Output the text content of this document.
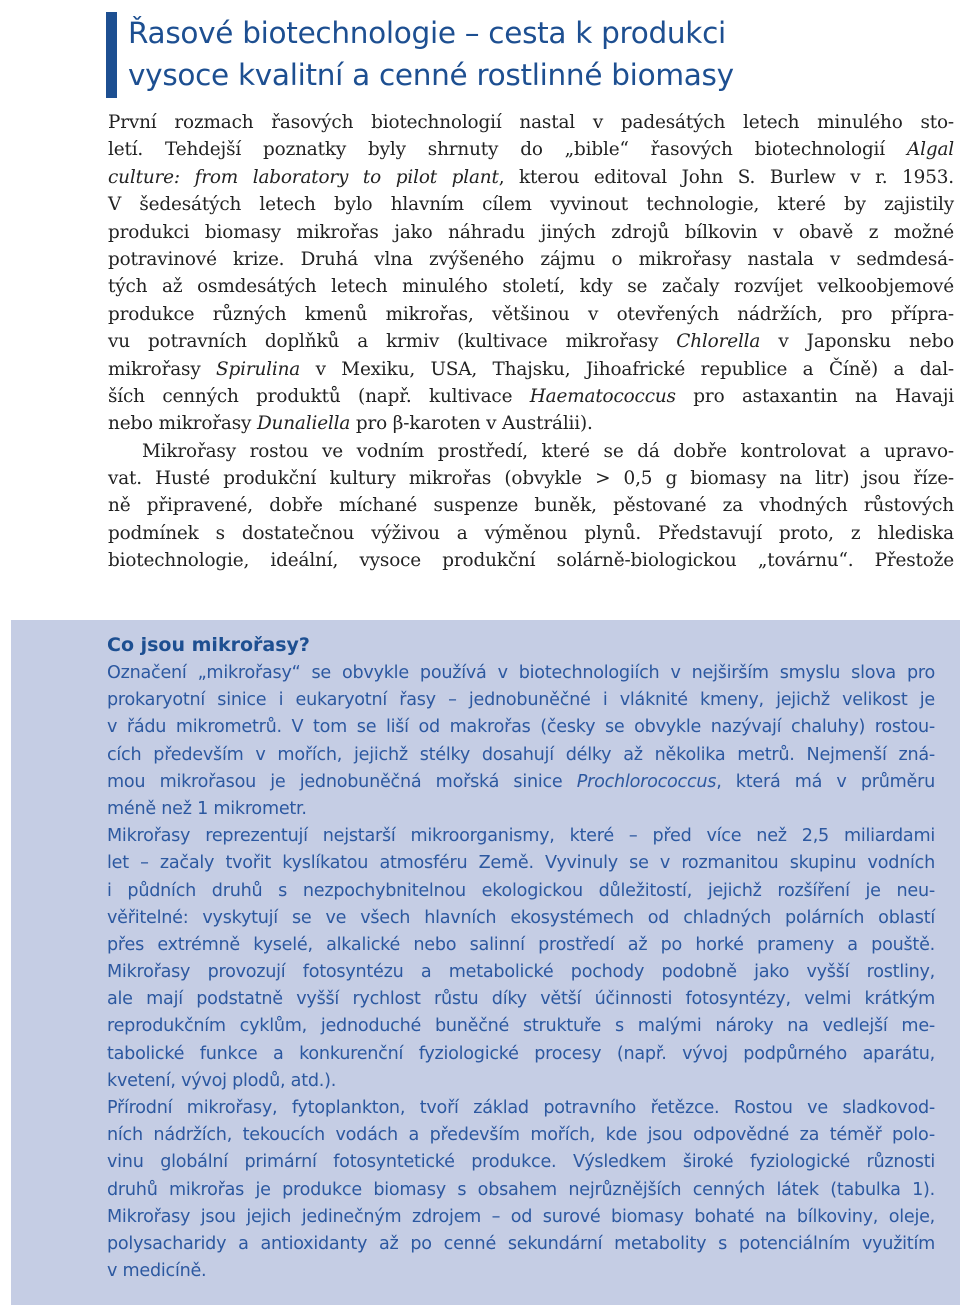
Řasové biotechnologie – cesta k produkci
vysoce kvalitní a cenné rostlinné biomasy
První rozmach řasových biotechnologií nastal v padesátých letech minulého sto-
letí. Tehdejší poznatky byly shrnuty do „bible“ řasových biotechnologií Algal
culture: from laboratory to pilot plant, kterou editoval John S. Burlew v r. 1953.
V šedesátých letech bylo hlavním cílem vyvinout technologie, které by zajistily
produkci biomasy mikrořas jako náhradu jiných zdrojů bílkovin v obavě z možné
potravinové krize. Druhá vlna zvýšeného zájmu o mikrořasy nastala v sedmdesá-
tých až osmdesátých letech minulého století, kdy se začaly rozvíjet velkoobjemové
produkce různých kmenů mikrořas, většinou v otevřených nádržích, pro přípra-
vu potravních doplňků a krmiv (kultivace mikrořasy Chlorella v Japonsku nebo
mikrořasy Spirulina v Mexiku, USA, Thajsku, Jihoafrické republice a Číně) a dal-
ších cenných produktů (např. kultivace Haematococcus pro astaxantin na Havaji
nebo mikrořasy Dunaliella pro β-karoten v Austrálii).
Mikrořasy rostou ve vodním prostředí, které se dá dobře kontrolovat a upravo-
vat. Husté produkční kultury mikrořas (obvykle > 0,5 g biomasy na litr) jsou říze-
ně připravené, dobře míchané suspenze buněk, pěstované za vhodných růstových
podmínek s dostatečnou výživou a výměnou plynů. Představují proto, z hlediska
biotechnologie, ideální, vysoce produkční solárně-biologickou „továrnu“. Přestože
Co jsou mikrořasy?
Označení „mikrořasy“ se obvykle používá v biotechnologiích v nejširším smyslu slova pro
prokaryotní sinice i eukaryotní řasy – jednobuněčné i vláknité kmeny, jejichž velikost je
v řádu mikrometrů. V tom se liší od makrořas (česky se obvykle nazývají chaluhy) rostou-
cích především v mořích, jejichž stélky dosahují délky až několika metrů. Nejmenší zná-
mou mikrořasou je jednobuněčná mořská sinice Prochlorococcus, která má v průměru
méně než 1 mikrometr.
Mikrořasy reprezentují nejstarší mikroorganismy, které – před více než 2,5 miliardami
let – začaly tvořit kyslíkatou atmosféru Země. Vyvinuly se v rozmanitou skupinu vodních
i půdních druhů s nezpochybnitelnou ekologickou důležitostí, jejichž rozšíření je neu-
věřitelné: vyskytují se ve všech hlavních ekosystémech od chladných polárních oblastí
přes extrémně kyselé, alkalické nebo salinní prostředí až po horké prameny a pouště.
Mikrořasy provozují fotosyntézu a metabolické pochody podobně jako vyšší rostliny,
ale mají podstatně vyšší rychlost růstu díky větší účinnosti fotosyntézy, velmi krátkým
reprodukčním cyklům, jednoduché buněčné struktuře s malými nároky na vedlejší me-
tabolické funkce a konkurenční fyziologické procesy (např. vývoj podpůrného aparátu,
kvetení, vývoj plodů, atd.).
Přírodní mikrořasy, fytoplankton, tvoří základ potravního řetězce. Rostou ve sladkovod-
ních nádržích, tekoucích vodách a především mořích, kde jsou odpovědné za téměř polo-
vinu globální primární fotosyntetické produkce. Výsledkem široké fyziologické různosti
druhů mikrořas je produkce biomasy s obsahem nejrůznějších cenných látek (tabulka 1).
Mikrořasy jsou jejich jedinečným zdrojem – od surové biomasy bohaté na bílkoviny, oleje,
polysacharidy a antioxidanty až po cenné sekundární metabolity s potenciálním využitím
v medicíně.
